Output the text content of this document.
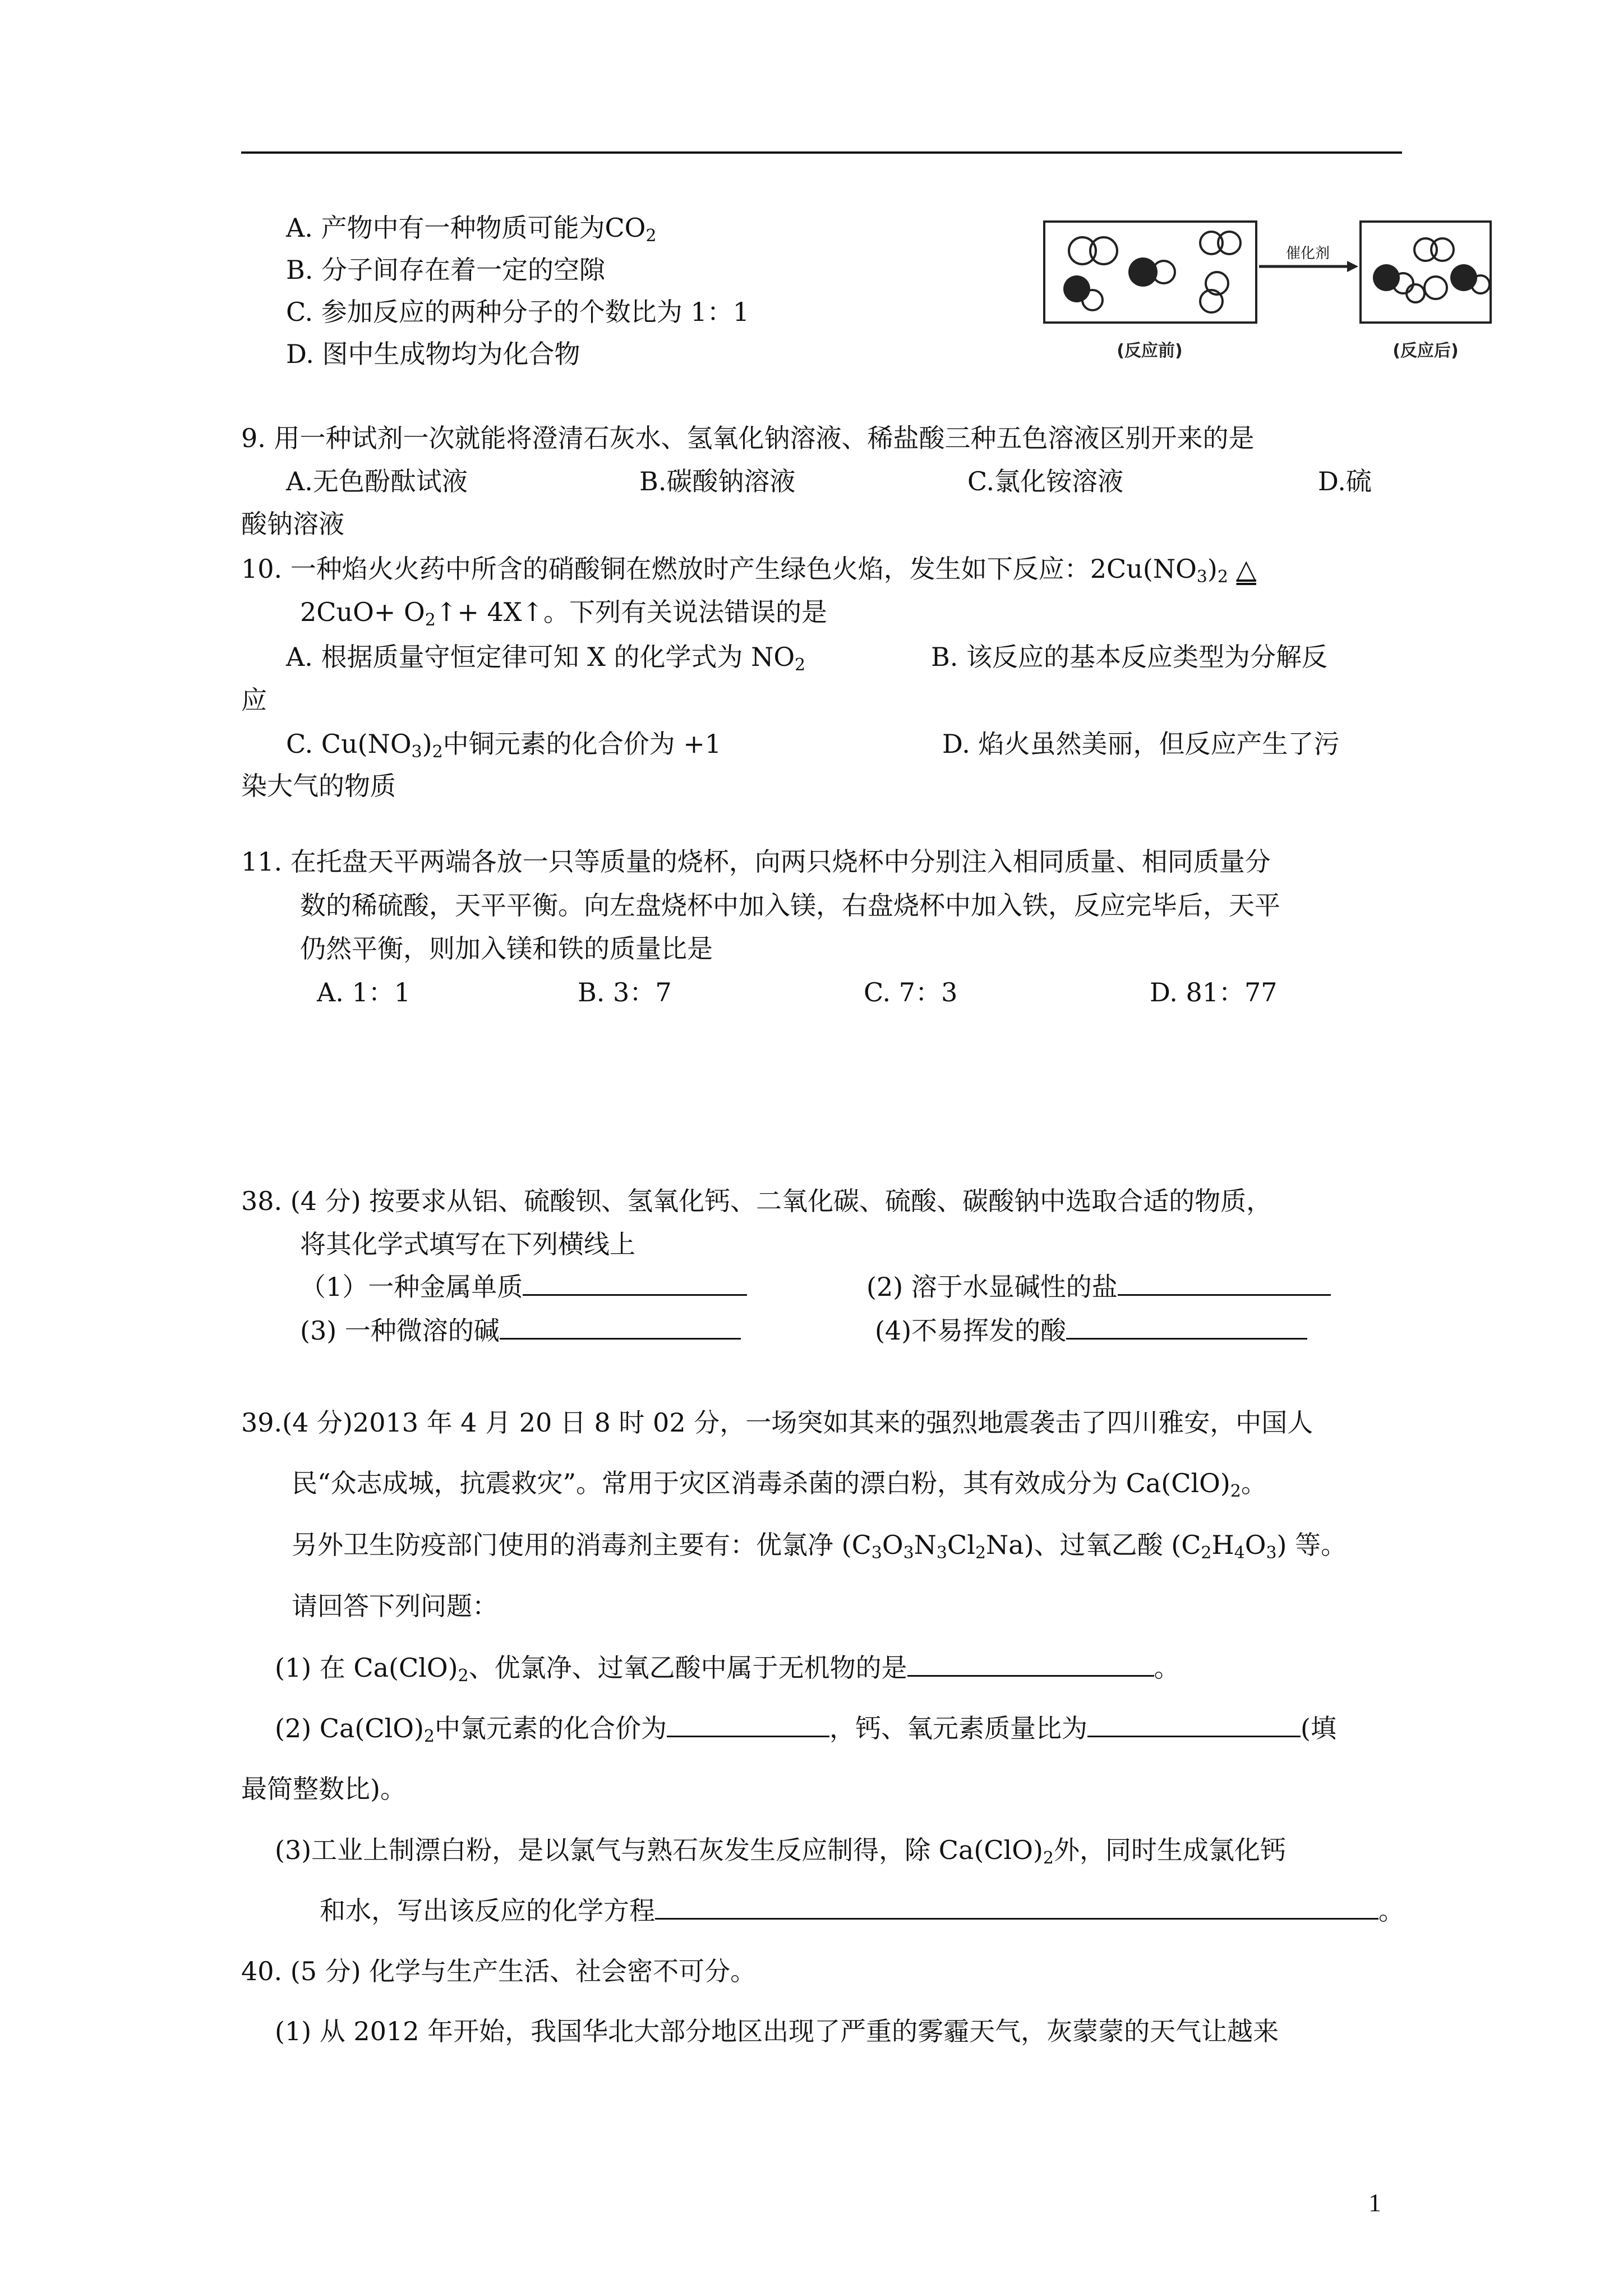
A. 产物中有一种物质可能为$CO_2$
B. 分子间存在着一定的空隙
C. 参加反应的两种分子的个数比为 1：1
D. 图中生成物均为化合物
催化剂
(反应前)	(反应后)
9. 用一种试剂一次就能将澄清石灰水、氢氧化钠溶液、稀盐酸三种五色溶液区别开来的是
A.无色酚酞试液	B.碳酸钠溶液	C.氯化铵溶液	D.硫
酸钠溶液
10. 一种焰火火药中所含的硝酸铜在燃放时产生绿色火焰，发生如下反应：$2Cu(NO_3)_2$ △
$2CuO+ O_2↑+$ 4X↑。下列有关说法错误的是
A. 根据质量守恒定律可知 X 的化学式为 $NO_2$	B. 该反应的基本反应类型为分解反
应
C. $Cu(NO_3)_2$中铜元素的化合价为 +1	D. 焰火虽然美丽，但反应产生了污
染大气的物质
11. 在托盘天平两端各放一只等质量的烧杯，向两只烧杯中分别注入相同质量、相同质量分
数的稀硫酸，天平平衡。向左盘烧杯中加入镁，右盘烧杯中加入铁，反应完毕后，天平
仍然平衡，则加入镁和铁的质量比是
A. 1：1	B. 3：7	C. 7：3	D. 81：77
38. (4 分) 按要求从铝、硫酸钡、氢氧化钙、二氧化碳、硫酸、碳酸钠中选取合适的物质，
将其化学式填写在下列横线上
（1）一种金属单质	(2) 溶于水显碱性的盐
(3) 一种微溶的碱	(4)不易挥发的酸
39.(4 分)2013 年 4 月 20 日 8 时 02 分，一场突如其来的强烈地震袭击了四川雅安，中国人
民“众志成城，抗震救灾”。常用于灾区消毒杀菌的漂白粉，其有效成分为 $Ca(ClO)_2$。
另外卫生防疫部门使用的消毒剂主要有：优氯净 $(C_3O_3N_3Cl_2Na)$、过氧乙酸 $(C_2H_4O_3)$ 等。
请回答下列问题：
(1) 在 $Ca(ClO)_2$、优氯净、过氧乙酸中属于无机物的是	。
(2) $Ca(ClO)_2$中氯元素的化合价为	，钙、氧元素质量比为	(填
最简整数比)。
(3)工业上制漂白粉，是以氯气与熟石灰发生反应制得，除 $Ca(ClO)_2$外，同时生成氯化钙
和水，写出该反应的化学方程	。
40. (5 分) 化学与生产生活、社会密不可分。
(1) 从 2012 年开始，我国华北大部分地区出现了严重的雾霾天气，灰蒙蒙的天气让越来
1
